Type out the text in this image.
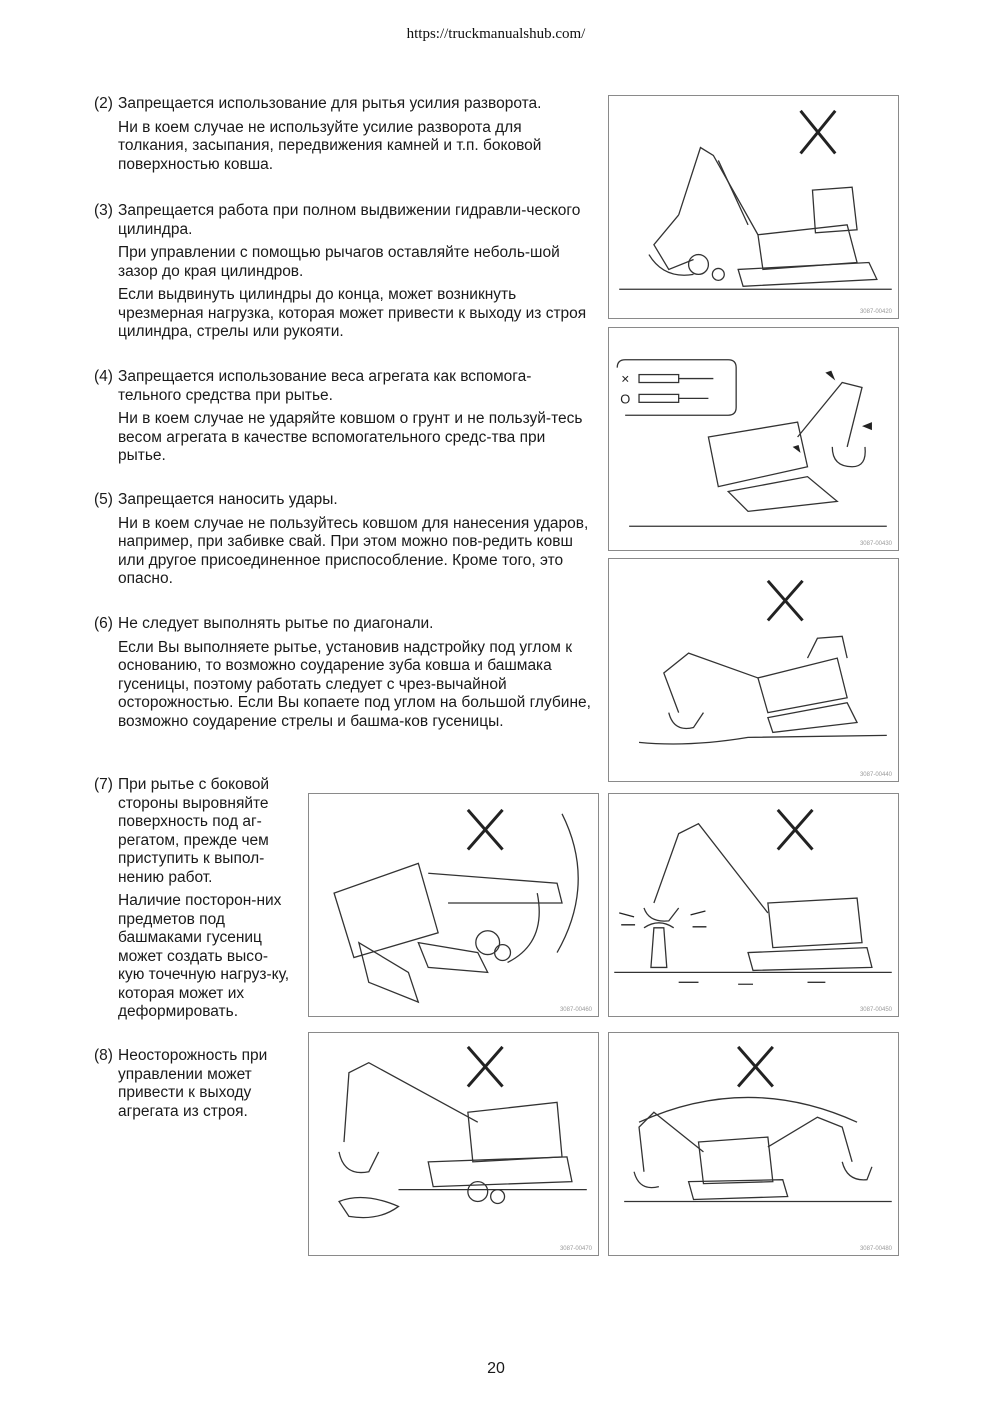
https://truckmanualshub.com/
(2) Запрещается использование для рытья усилия разворота.
Ни в коем случае не используйте усилие разворота для толкания, засыпания, передвижения камней и т.п. боковой поверхностью ковша.
(3) Запрещается работа при полном выдвижении гидравли-ческого цилиндра.
При управлении с помощью рычагов оставляйте неболь-шой зазор до края цилиндров.
Если выдвинуть цилиндры до конца, может возникнуть чрезмерная нагрузка, которая может привести к выходу из строя цилиндра, стрелы или рукояти.
(4) Запрещается использование веса агрегата как вспомога-тельного средства при рытье.
Ни в коем случае не ударяйте ковшом о грунт и не пользуй-тесь весом агрегата в качестве вспомогательного средс-тва при рытье.
(5) Запрещается наносить удары.
Ни в коем случае не пользуйтесь ковшом для нанесения ударов, например, при забивке свай. При этом можно пов-редить ковш или другое присоединенное приспособление. Кроме того, это опасно.
(6) Не следует выполнять рытье по диагонали.
Если Вы выполняете рытье, установив надстройку под углом к основанию, то возможно соударение зуба ковша и башмака гусеницы, поэтому работать следует с чрез-вычайной осторожностью. Если Вы копаете под углом на большой глубине, возможно соударение стрелы и башма-ков гусеницы.
(7) При рытье с боковой стороны выровняйте поверхность под аг-регатом, прежде чем приступить к выпол-нению работ.
Наличие посторон-них предметов под башмаками гусениц может создать высо-кую точечную нагруз-ку, которая может их деформировать.
(8) Неосторожность при управлении может привести к выходу агрегата из строя.
3087-00420
×
O
3087-00430
3087-00440
3087-00460	3087-00450
3087-00470	3087-00480
20
